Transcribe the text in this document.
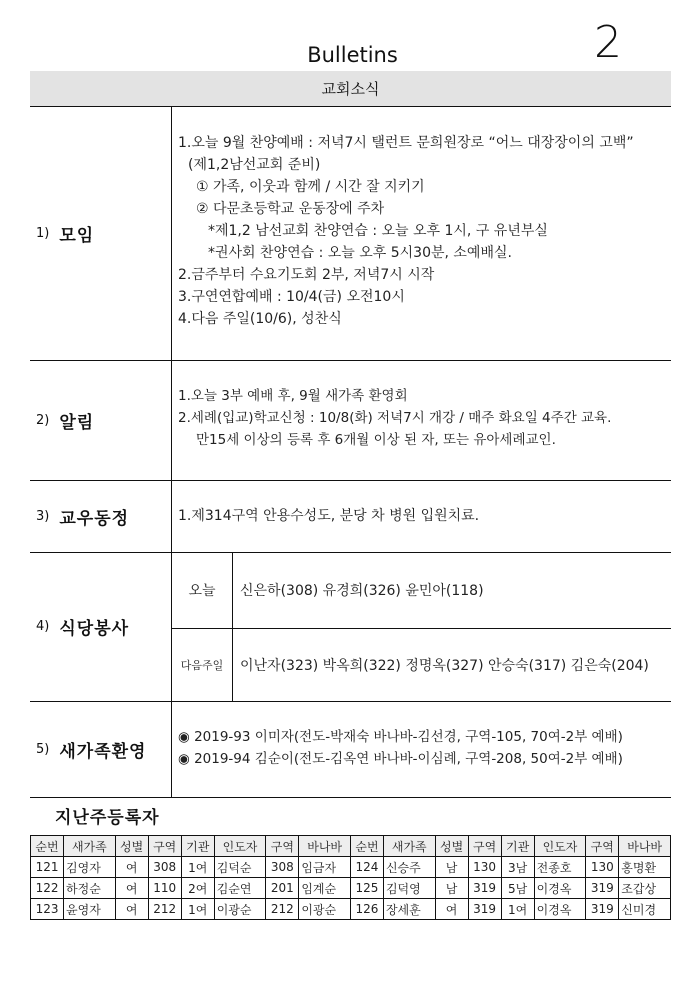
Bulletins	2
교회소식
1) 모임
1.오늘 9월 찬양예배 : 저녁7시 탤런트 문희원장로 “어느 대장장이의 고백”
(제1,2남선교회 준비)
① 가족, 이웃과 함께 / 시간 잘 지키기
② 다문초등학교 운동장에 주차
*제1,2 남선교회 찬양연습 : 오늘 오후 1시, 구 유년부실
*권사회 찬양연습 : 오늘 오후 5시30분, 소예배실.
2.금주부터 수요기도회 2부, 저녁7시 시작
3.구연연합예배 : 10/4(금) 오전10시
4.다음 주일(10/6), 성찬식
2) 알림
1.오늘 3부 예배 후, 9월 새가족 환영회
2.세례(입교)학교신청 : 10/8(화) 저녁7시 개강 / 매주 화요일 4주간 교육.
만15세 이상의 등록 후 6개월 이상 된 자, 또는 유아세례교인.
3) 교우동정	1.제314구역 안용수성도, 분당 차 병원 입원치료.
4) 식당봉사
오늘	신은하(308) 유경희(326) 윤민아(118)
다음주일	이난자(323) 박옥희(322) 정명옥(327) 안승숙(317) 김은숙(204)
5) 새가족환영
◉ 2019-93 이미자(전도-박재숙 바나바-김선경, 구역-105, 70여-2부 예배)
◉ 2019-94 김순이(전도-김옥연 바나바-이심례, 구역-208, 50여-2부 예배)
지난주등록자
순번	새가족	성별	구역	기관	인도자	구역	바나바	순번	새가족	성별	구역	기관	인도자	구역	바나바
121	김영자	여	308	1여	김덕순	308	임금자	124	신승주	남	130	3남	전종호	130	홍명환
122	하정순	여	110	2여	김순연	201	임계순	125	김덕영	남	319	5남	이경옥	319	조갑상
123	윤영자	여	212	1여	이광순	212	이광순	126	장세훈	여	319	1여	이경옥	319	신미경
